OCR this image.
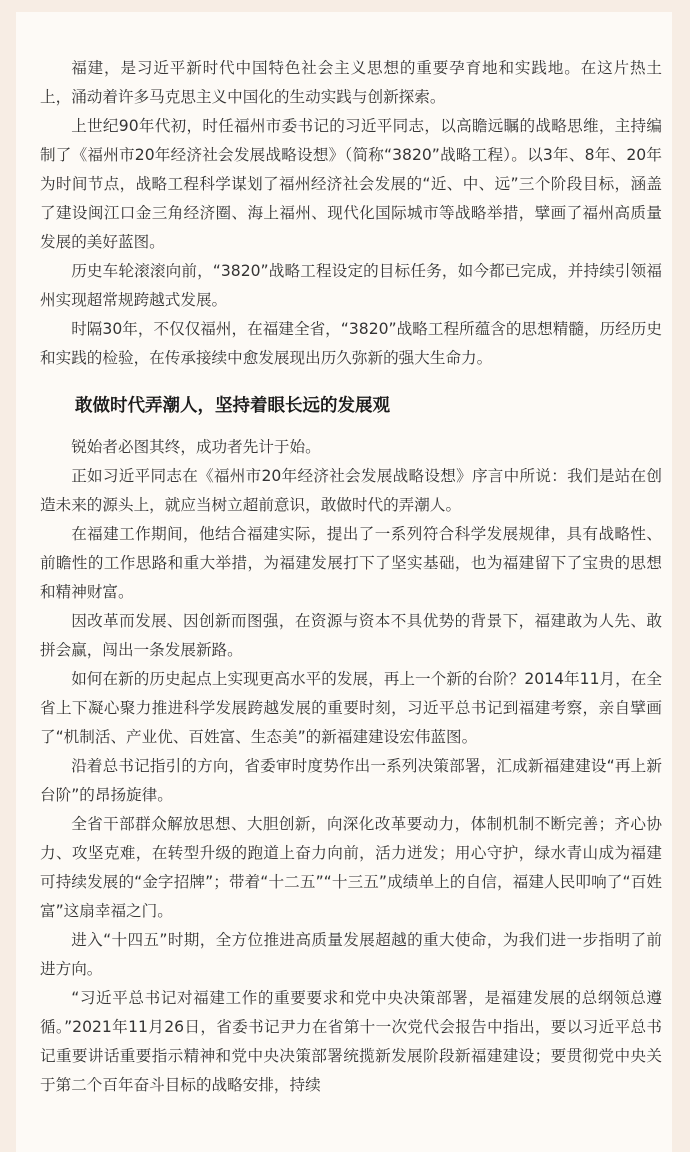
福建，是习近平新时代中国特色社会主义思想的重要孕育地和实践地。在这片热土上，涌动着许多马克思主义中国化的生动实践与创新探索。

上世纪90年代初，时任福州市委书记的习近平同志，以高瞻远瞩的战略思维，主持编制了《福州市20年经济社会发展战略设想》（简称“3820”战略工程）。以3年、8年、20年为时间节点，战略工程科学谋划了福州经济社会发展的“近、中、远”三个阶段目标，涵盖了建设闽江口金三角经济圈、海上福州、现代化国际城市等战略举措，擘画了福州高质量发展的美好蓝图。

历史车轮滚滚向前，“3820”战略工程设定的目标任务，如今都已完成，并持续引领福州实现超常规跨越式发展。

时隔30年，不仅仅福州，在福建全省，“3820”战略工程所蕴含的思想精髓，历经历史和实践的检验，在传承接续中愈发展现出历久弥新的强大生命力。

敢做时代弄潮人，坚持着眼长远的发展观

锐始者必图其终，成功者先计于始。

正如习近平同志在《福州市20年经济社会发展战略设想》序言中所说：我们是站在创造未来的源头上，就应当树立超前意识，敢做时代的弄潮人。

在福建工作期间，他结合福建实际，提出了一系列符合科学发展规律，具有战略性、前瞻性的工作思路和重大举措，为福建发展打下了坚实基础，也为福建留下了宝贵的思想和精神财富。

因改革而发展、因创新而图强，在资源与资本不具优势的背景下，福建敢为人先、敢拼会赢，闯出一条发展新路。

如何在新的历史起点上实现更高水平的发展，再上一个新的台阶？2014年11月，在全省上下凝心聚力推进科学发展跨越发展的重要时刻，习近平总书记到福建考察，亲自擘画了“机制活、产业优、百姓富、生态美”的新福建建设宏伟蓝图。

沿着总书记指引的方向，省委审时度势作出一系列决策部署，汇成新福建建设“再上新台阶”的昂扬旋律。

全省干部群众解放思想、大胆创新，向深化改革要动力，体制机制不断完善；齐心协力、攻坚克难，在转型升级的跑道上奋力向前，活力迸发；用心守护，绿水青山成为福建可持续发展的“金字招牌”；带着“十二五”“十三五”成绩单上的自信，福建人民叩响了“百姓富”这扇幸福之门。

进入“十四五”时期，全方位推进高质量发展超越的重大使命，为我们进一步指明了前进方向。

“习近平总书记对福建工作的重要要求和党中央决策部署，是福建发展的总纲领总遵循。”2021年11月26日，省委书记尹力在省第十一次党代会报告中指出，要以习近平总书记重要讲话重要指示精神和党中央决策部署统揽新发展阶段新福建建设；要贯彻党中央关于第二个百年奋斗目标的战略安排，持续
